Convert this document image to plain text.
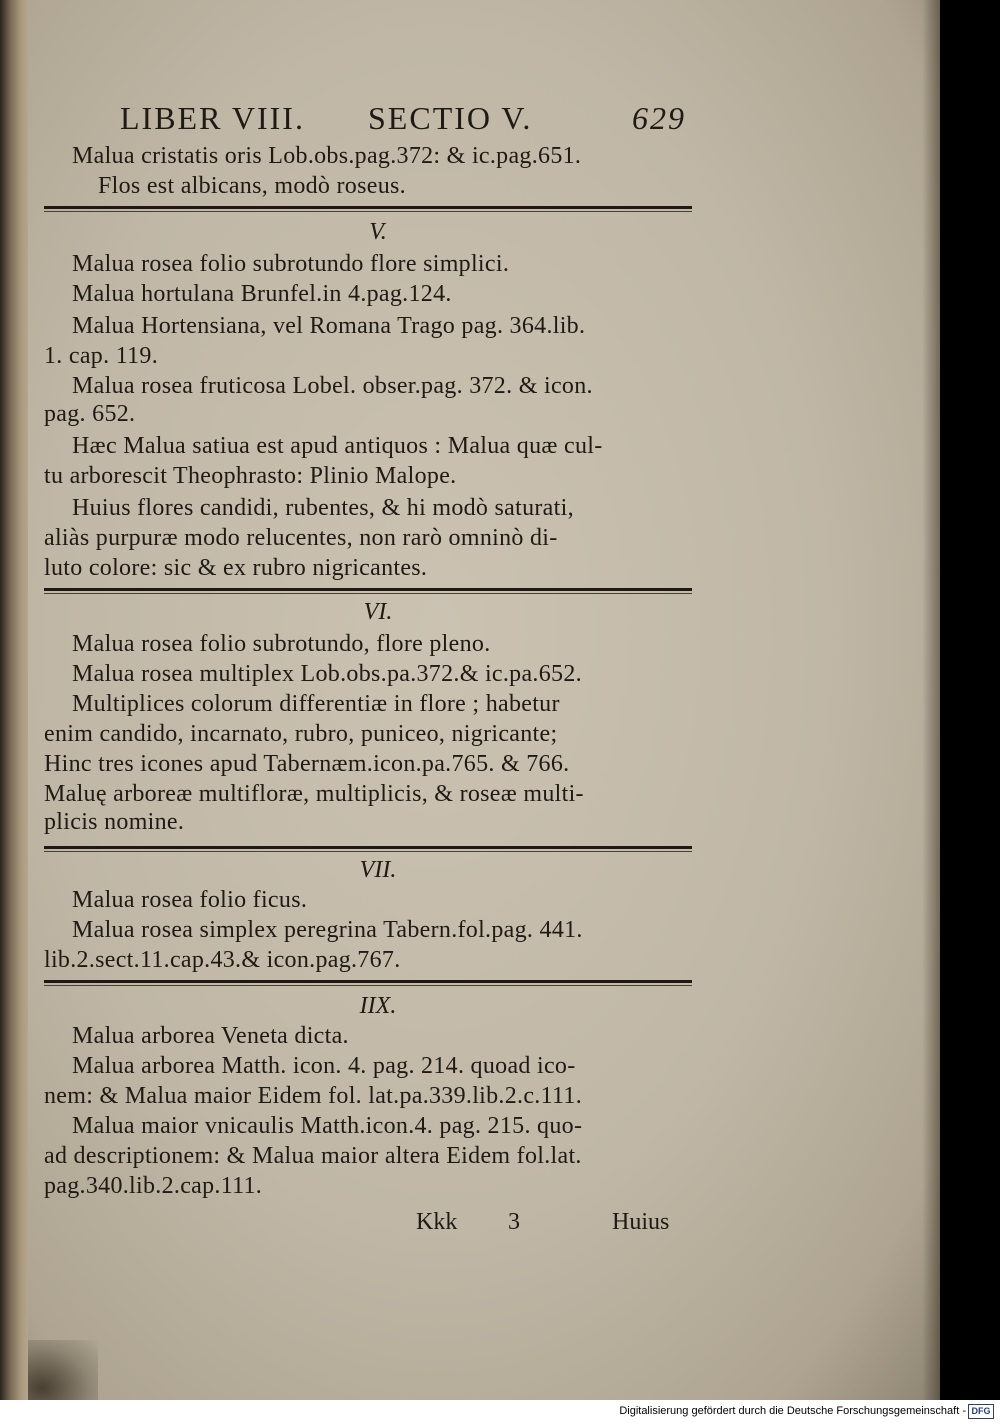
LIBER VIII. SECTIO V.	629
Malua cristatis oris Lob.obs.pag.372: & ic.pag.651.
Flos est albicans, modò roseus.
V.
Malua rosea folio subrotundo flore simplici.
Malua hortulana Brunfel.in 4.pag.124.
Malua Hortensiana, vel Romana Trago pag. 364.lib.
1. cap. 119.
Malua rosea fruticosa Lobel. obser.pag. 372. & icon.
pag. 652.
Hæc Malua satiua est apud antiquos : Malua quæ cul-
tu arborescit Theophrasto: Plinio Malope.
Huius flores candidi, rubentes, & hi modò saturati,
aliàs purpuræ modo relucentes, non rarò omninò di-
luto colore: sic & ex rubro nigricantes.
VI.
Malua rosea folio subrotundo, flore pleno.
Malua rosea multiplex Lob.obs.pa.372.& ic.pa.652.
Multiplices colorum differentiæ in flore ; habetur
enim candido, incarnato, rubro, puniceo, nigricante;
Hinc tres icones apud Tabernæm.icon.pa.765. & 766.
Maluę arboreæ multifloræ, multiplicis, & roseæ multi-
plicis nomine.
VII.
Malua rosea folio ficus.
Malua rosea simplex peregrina Tabern.fol.pag. 441.
lib.2.sect.11.cap.43.& icon.pag.767.
IIX.
Malua arborea Veneta dicta.
Malua arborea Matth. icon. 4. pag. 214. quoad ico-
nem: & Malua maior Eidem fol. lat.pa.339.lib.2.c.111.
Malua maior vnicaulis Matth.icon.4. pag. 215. quo-
ad descriptionem: & Malua maior altera Eidem fol.lat.
pag.340.lib.2.cap.111.
Kkk 3	Huius
Digitalisierung gefördert durch die Deutsche Forschungsgemeinschaft - DFG
